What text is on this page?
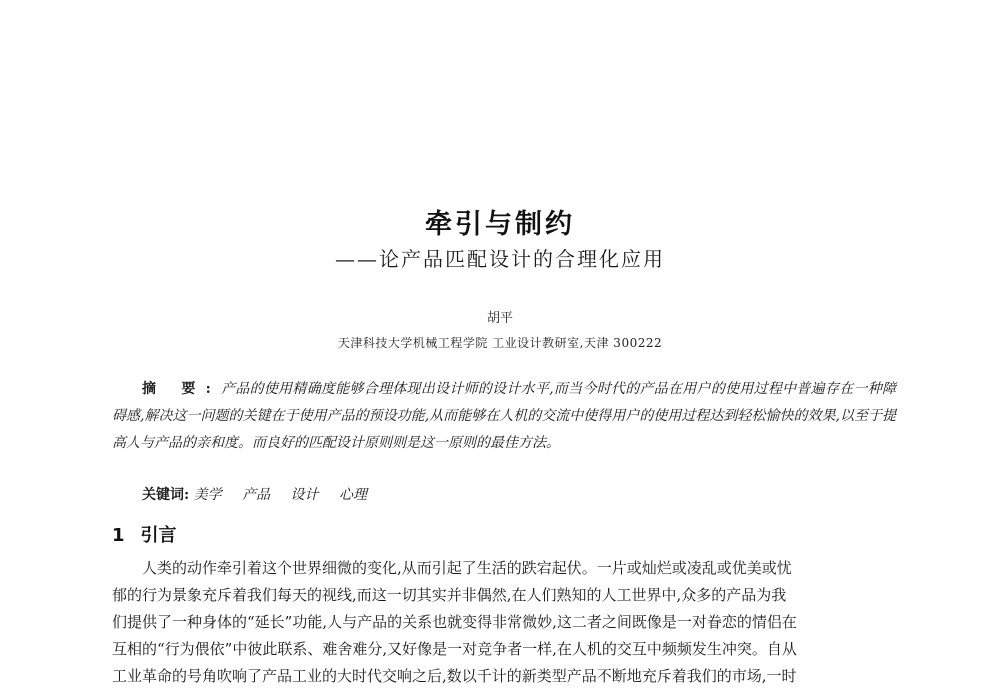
牵引与制约
——论产品匹配设计的合理化应用
胡平
天津科技大学机械工程学院 工业设计教研室,天津 300222
摘 要:产品的使用精确度能够合理体现出设计师的设计水平,而当今时代的产品在用户的使用过程中普遍存在一种障碍感,解决这一问题的关键在于使用产品的预设功能,从而能够在人机的交流中使得用户的使用过程达到轻松愉快的效果,以至于提高人与产品的亲和度。而良好的匹配设计原则则是这一原则的最佳方法。
关键词: 美学 产品 设计 心理
1 引言
人类的动作牵引着这个世界细微的变化,从而引起了生活的跌宕起伏。一片或灿烂或凌乱或优美或忧
郁的行为景象充斥着我们每天的视线,而这一切其实并非偶然,在人们熟知的人工世界中,众多的产品为我
们提供了一种身体的“延长”功能,人与产品的关系也就变得非常微妙,这二者之间既像是一对眷恋的情侣在
互相的“行为偎依”中彼此联系、难舍难分,又好像是一对竞争者一样,在人机的交互中频频发生冲突。自从
工业革命的号角吹响了产品工业的大时代交响之后,数以千计的新类型产品不断地充斥着我们的市场,一时
